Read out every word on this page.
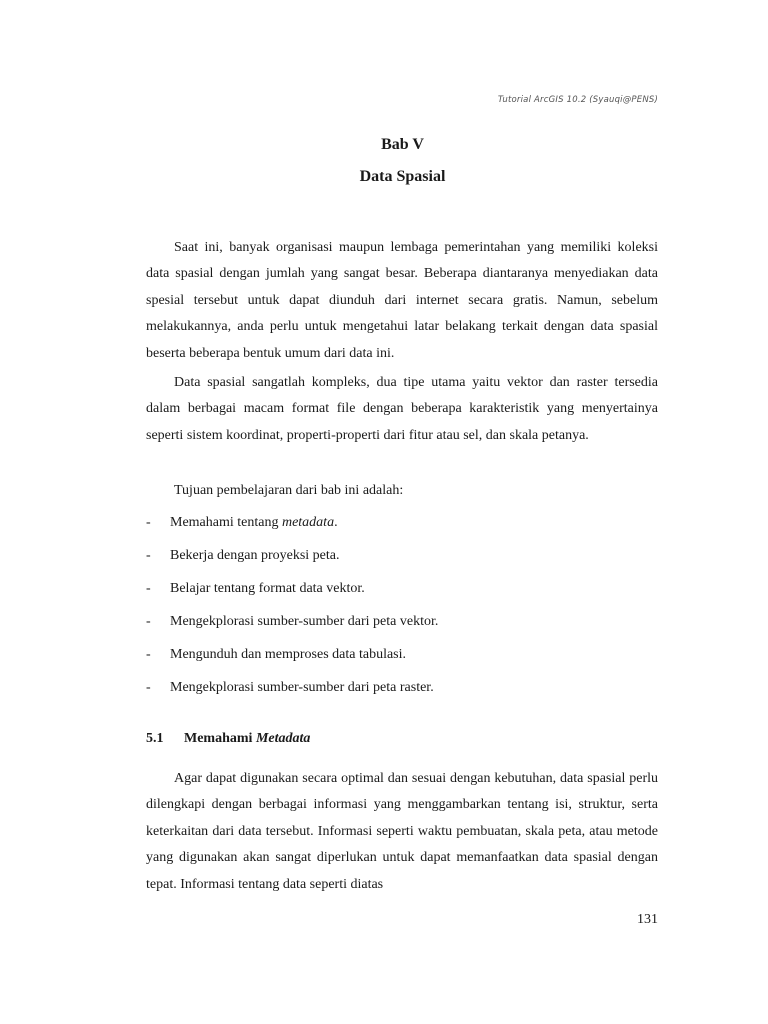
Tutorial ArcGIS 10.2 (Syauqi@PENS)
Bab V
Data Spasial
Saat ini, banyak organisasi maupun lembaga pemerintahan yang memiliki koleksi data spasial dengan jumlah yang sangat besar. Beberapa diantaranya menyediakan data spesial tersebut untuk dapat diunduh dari internet secara gratis. Namun, sebelum melakukannya, anda perlu untuk mengetahui latar belakang terkait dengan data spasial beserta beberapa bentuk umum dari data ini.
Data spasial sangatlah kompleks, dua tipe utama yaitu vektor dan raster tersedia dalam berbagai macam format file dengan beberapa karakteristik yang menyertainya seperti sistem koordinat, properti-properti dari fitur atau sel, dan skala petanya.
Tujuan pembelajaran dari bab ini adalah:
- Memahami tentang metadata.
- Bekerja dengan proyeksi peta.
- Belajar tentang format data vektor.
- Mengekplorasi sumber-sumber dari peta vektor.
- Mengunduh dan memproses data tabulasi.
- Mengekplorasi sumber-sumber dari peta raster.
5.1 Memahami Metadata
Agar dapat digunakan secara optimal dan sesuai dengan kebutuhan, data spasial perlu dilengkapi dengan berbagai informasi yang menggambarkan tentang isi, struktur, serta keterkaitan dari data tersebut. Informasi seperti waktu pembuatan, skala peta, atau metode yang digunakan akan sangat diperlukan untuk dapat memanfaatkan data spasial dengan tepat. Informasi tentang data seperti diatas
131
